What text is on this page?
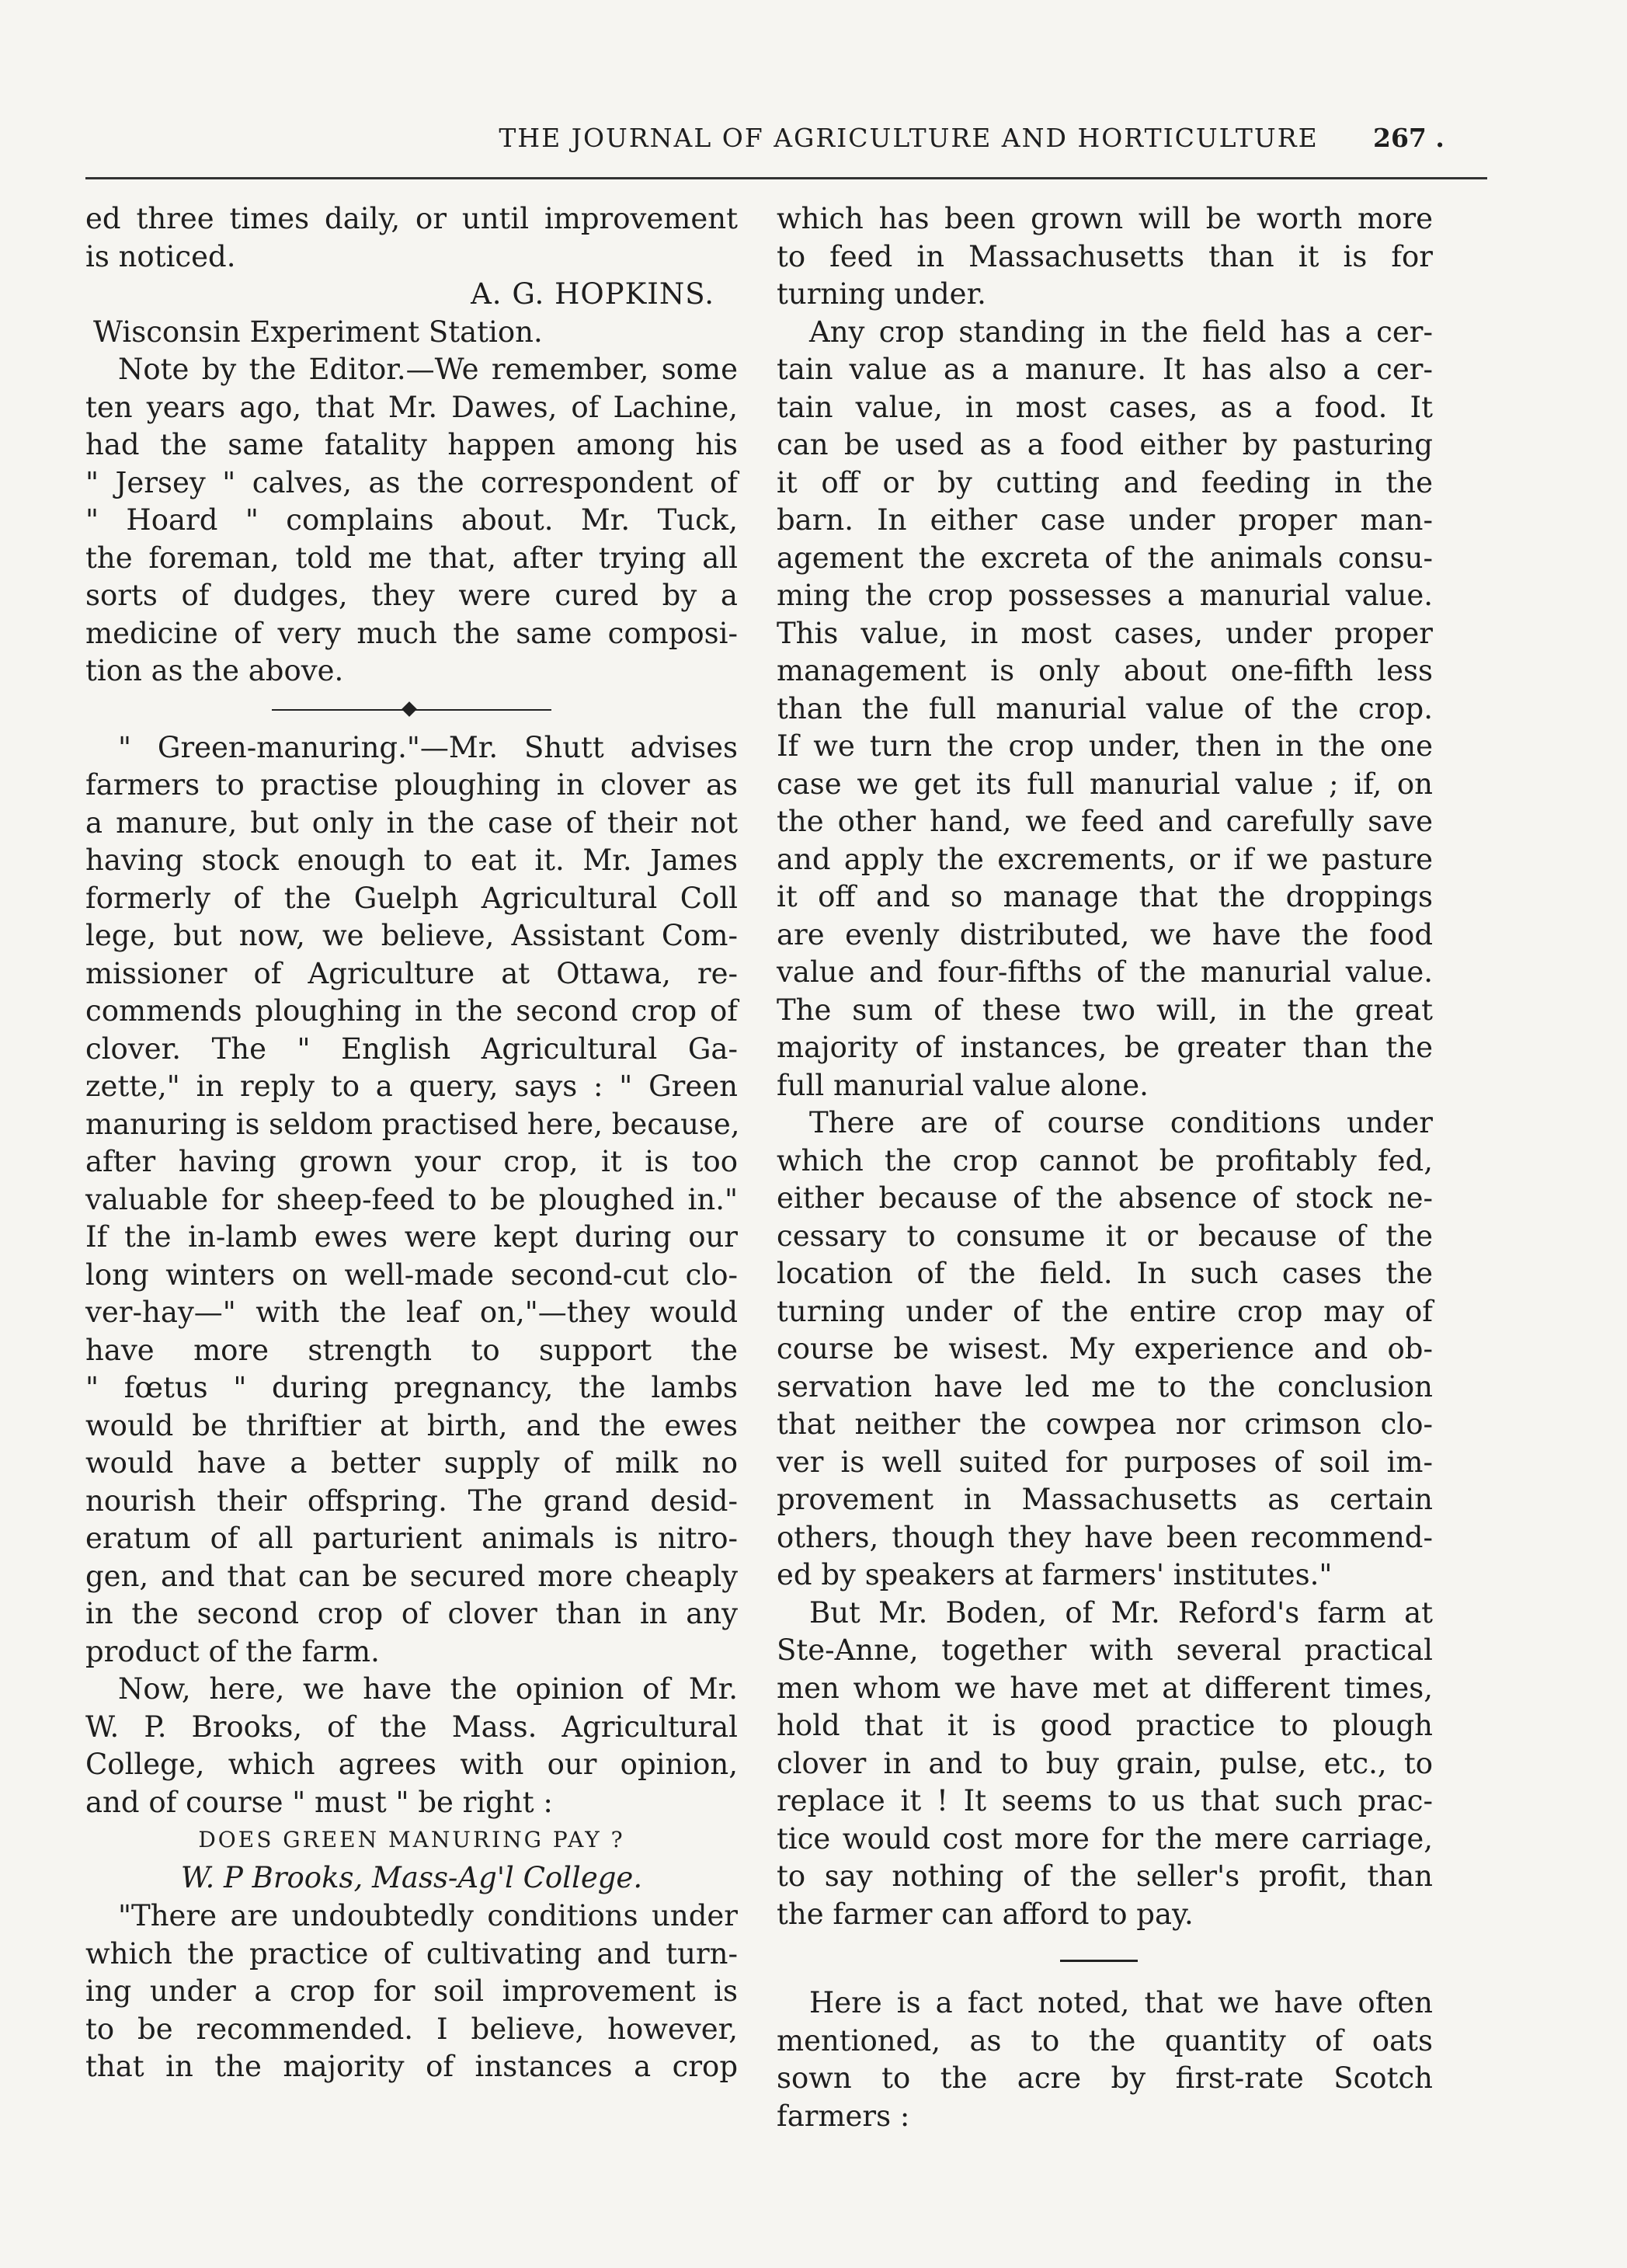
THE JOURNAL OF AGRICULTURE AND HORTICULTURE	267 .
ed three times daily, or until improvement
is noticed.

A. G. HOPKINS.

Wisconsin Experiment Station.

Note by the Editor.—We remember, some
ten years ago, that Mr. Dawes, of Lachine,
had the same fatality happen among his
" Jersey " calves, as the correspondent of
" Hoard " complains about. Mr. Tuck,
the foreman, told me that, after trying all
sorts of dudges, they were cured by a
medicine of very much the same composi-
tion as the above.
" Green-manuring."—Mr. Shutt advises
farmers to practise ploughing in clover as
a manure, but only in the case of their not
having stock enough to eat it. Mr. James
formerly of the Guelph Agricultural Coll
lege, but now, we believe, Assistant Com-
missioner of Agriculture at Ottawa, re-
commends ploughing in the second crop of
clover. The " English Agricultural Ga-
zette," in reply to a query, says : " Green
manuring is seldom practised here, because,
after having grown your crop, it is too
valuable for sheep-feed to be ploughed in."
If the in-lamb ewes were kept during our
long winters on well-made second-cut clo-
ver-hay—" with the leaf on,"—they would
have more strength to support the
" fœtus " during pregnancy, the lambs
would be thriftier at birth, and the ewes
would have a better supply of milk no
nourish their offspring. The grand desid-
eratum of all parturient animals is nitro-
gen, and that can be secured more cheaply
in the second crop of clover than in any
product of the farm.
Now, here, we have the opinion of Mr.
W. P. Brooks, of the Mass. Agricultural
College, which agrees with our opinion,
and of course " must " be right :

DOES GREEN MANURING PAY ?

W. P Brooks, Mass-Ag'l College.

"There are undoubtedly conditions under
which the practice of cultivating and turn-
ing under a crop for soil improvement is
to be recommended. I believe, however,
that in the majority of instances a crop
which has been grown will be worth more
to feed in Massachusetts than it is for
turning under.
Any crop standing in the field has a cer-
tain value as a manure. It has also a cer-
tain value, in most cases, as a food. It
can be used as a food either by pasturing
it off or by cutting and feeding in the
barn. In either case under proper man-
agement the excreta of the animals consu-
ming the crop possesses a manurial value.
This value, in most cases, under proper
management is only about one-fifth less
than the full manurial value of the crop.
If we turn the crop under, then in the one
case we get its full manurial value ; if, on
the other hand, we feed and carefully save
and apply the excrements, or if we pasture
it off and so manage that the droppings
are evenly distributed, we have the food
value and four-fifths of the manurial value.
The sum of these two will, in the great
majority of instances, be greater than the
full manurial value alone.
There are of course conditions under
which the crop cannot be profitably fed,
either because of the absence of stock ne-
cessary to consume it or because of the
location of the field. In such cases the
turning under of the entire crop may of
course be wisest. My experience and ob-
servation have led me to the conclusion
that neither the cowpea nor crimson clo-
ver is well suited for purposes of soil im-
provement in Massachusetts as certain
others, though they have been recommend-
ed by speakers at farmers' institutes."
But Mr. Boden, of Mr. Reford's farm at
Ste-Anne, together with several practical
men whom we have met at different times,
hold that it is good practice to plough
clover in and to buy grain, pulse, etc., to
replace it ! It seems to us that such prac-
tice would cost more for the mere carriage,
to say nothing of the seller's profit, than
the farmer can afford to pay.
Here is a fact noted, that we have often
mentioned, as to the quantity of oats
sown to the acre by first-rate Scotch
farmers :
